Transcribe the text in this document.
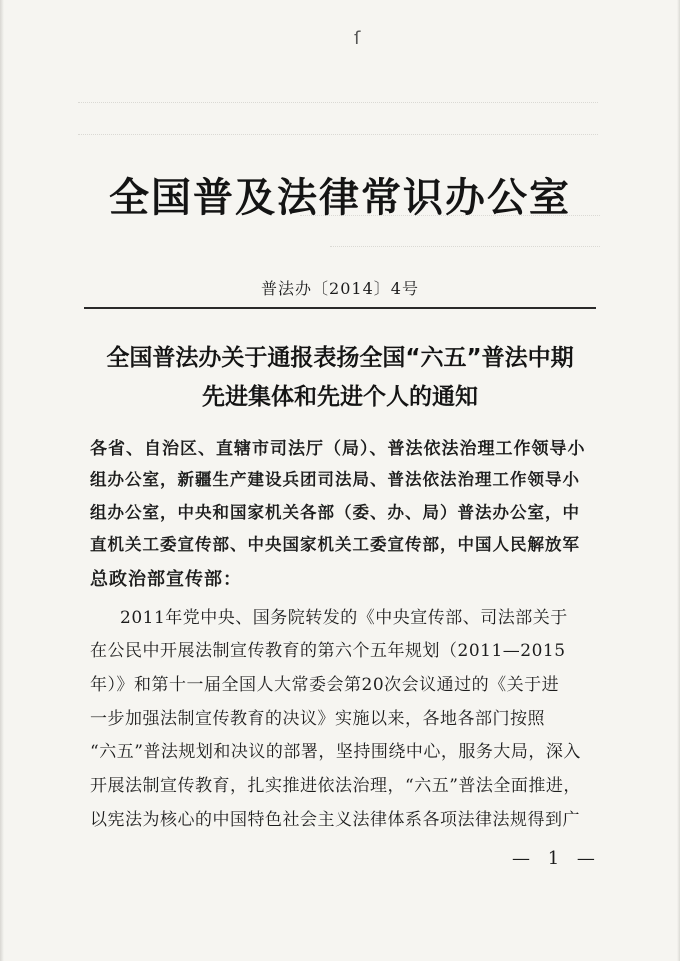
ſ
全国普及法律常识办公室
普法办〔2014〕4号
全国普法办关于通报表扬全国“六五”普法中期
先进集体和先进个人的通知
各省、自治区、直辖市司法厅（局）、普法依法治理工作领导小
组办公室，新疆生产建设兵团司法局、普法依法治理工作领导小
组办公室，中央和国家机关各部（委、办、局）普法办公室，中
直机关工委宣传部、中央国家机关工委宣传部，中国人民解放军
总政治部宣传部：
2011年党中央、国务院转发的《中央宣传部、司法部关于
在公民中开展法制宣传教育的第六个五年规划（2011—2015
年）》和第十一届全国人大常委会第20次会议通过的《关于进
一步加强法制宣传教育的决议》实施以来，各地各部门按照
“六五”普法规划和决议的部署，坚持围绕中心，服务大局，深入
开展法制宣传教育，扎实推进依法治理，“六五”普法全面推进，
以宪法为核心的中国特色社会主义法律体系各项法律法规得到广
— 1 —
